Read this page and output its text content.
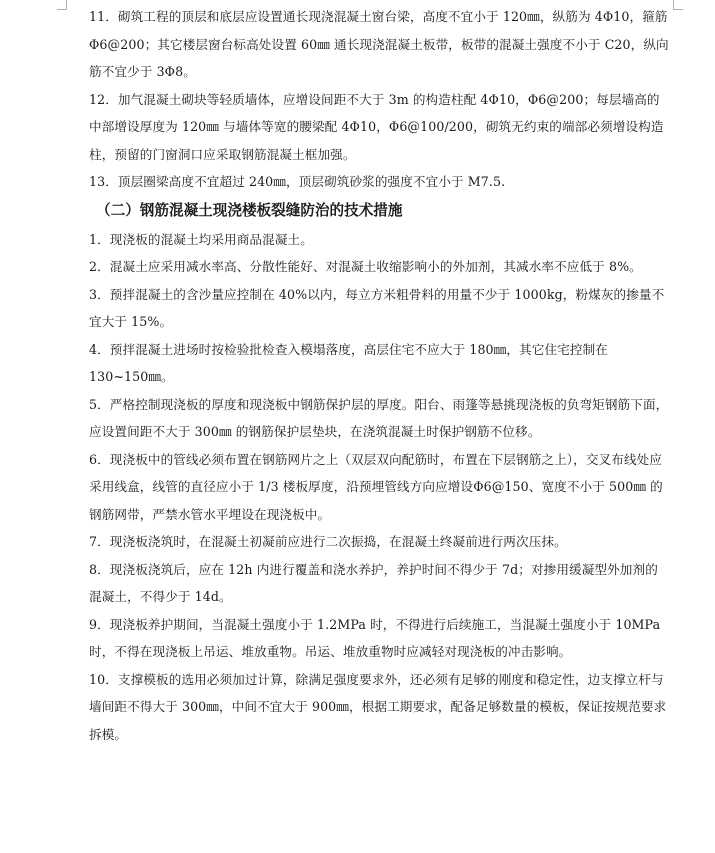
11．砌筑工程的顶层和底层应设置通长现浇混凝土窗台梁，高度不宜小于 120㎜，纵筋为 4Φ10，箍筋Φ6@200；其它楼层窗台标高处设置 60㎜ 通长现浇混凝土板带，板带的混凝土强度不小于 C20，纵向筋不宜少于 3Φ8。

12．加气混凝土砌块等轻质墙体，应增设间距不大于 3m 的构造柱配 4Φ10，Φ6@200；每层墙高的中部增设厚度为 120㎜ 与墙体等宽的腰梁配 4Φ10，Φ6@100/200，砌筑无约束的端部必须增设构造柱，预留的门窗洞口应采取钢筋混凝土框加强。

13．顶层圈梁高度不宜超过 240㎜，顶层砌筑砂浆的强度不宜小于 M7.5.

（二）钢筋混凝土现浇楼板裂缝防治的技术措施

1．现浇板的混凝土均采用商品混凝土。

2．混凝土应采用减水率高、分散性能好、对混凝土收缩影响小的外加剂，其减水率不应低于 8%。

3．预拌混凝土的含沙量应控制在 40%以内，每立方米粗骨料的用量不少于 1000kg，粉煤灰的掺量不宜大于 15%。

4．预拌混凝土进场时按检验批检查入模塌落度，高层住宅不应大于 180㎜，其它住宅控制在 130~150㎜。

5．严格控制现浇板的厚度和现浇板中钢筋保护层的厚度。阳台、雨篷等悬挑现浇板的负弯矩钢筋下面，应设置间距不大于 300㎜ 的钢筋保护层垫块，在浇筑混凝土时保护钢筋不位移。

6．现浇板中的管线必须布置在钢筋网片之上（双层双向配筋时，布置在下层钢筋之上），交叉布线处应采用线盒，线管的直径应小于 1/3 楼板厚度，沿预埋管线方向应增设Φ6@150、宽度不小于 500㎜ 的钢筋网带，严禁水管水平埋设在现浇板中。

7．现浇板浇筑时，在混凝土初凝前应进行二次振捣，在混凝土终凝前进行两次压抹。

8．现浇板浇筑后，应在 12h 内进行覆盖和浇水养护，养护时间不得少于 7d；对掺用缓凝型外加剂的混凝土，不得少于 14d。

9．现浇板养护期间，当混凝土强度小于 1.2MPa 时，不得进行后续施工，当混凝土强度小于 10MPa 时，不得在现浇板上吊运、堆放重物。吊运、堆放重物时应减轻对现浇板的冲击影响。

10．支撑模板的选用必须加过计算，除满足强度要求外，还必须有足够的刚度和稳定性，边支撑立杆与墙间距不得大于 300㎜，中间不宜大于 900㎜，根据工期要求，配备足够数量的模板，保证按规范要求拆模。
